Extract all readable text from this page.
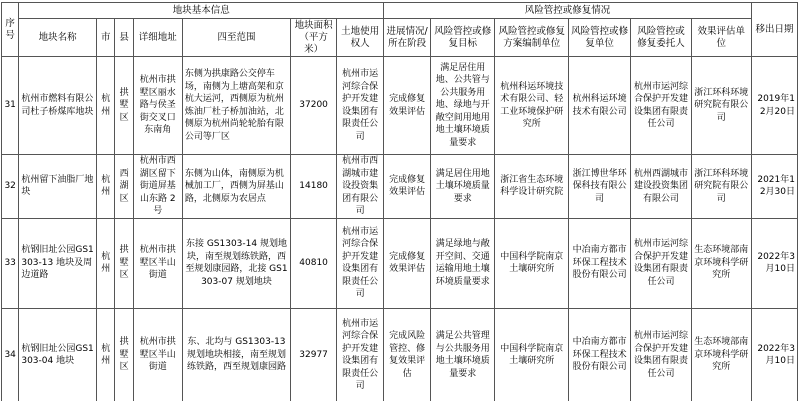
序号	地块基本信息							风险管控或修复情况						移出日期
	地块名称	市	县	详细地址	四至范围	地块面积（平方米）	土地使用权人	进展情况/所在阶段	风险管控或修复目标	风险管控或修复方案编制单位	风险管控或修复单位	风险管控或修复委托人	效果评估单位	
31	杭州市燃料有限公司杜子桥煤库地块	杭州	拱墅区	杭州市拱墅区丽水路与侯圣街交叉口东南角	东侧为拱康路公交停车场，南侧为上塘高架和京杭大运河，西侧原为杭州炼油厂杜子桥加油站，北侧原为杭州尚轮轮胎有限公司等厂区	37200	杭州市运河综合保护开发建设集团有限责任公司	完成修复效果评估	满足居住用地、公共管与公共服务用地、绿地与开敞空间用地用地土壤环境质量要求	杭州科运环境技术有限公司、轻工业环境保护研究所	杭州科运环境技术有限公司	杭州市运河综合保护开发建设集团有限责任公司	浙江环科环境研究院有限公司	2019年12月20日
32	杭州留下油脂厂地块	杭州	西湖区	杭州市西湖区留下街道屏基山东路 2 号	东侧为山体，南侧原为机械加工厂，西侧为屏基山路，北侧原为农居点	14180	杭州市西湖城市建设投资集团有限公司	完成修复效果评估	满足居住用地土壤环境质量要求	浙江省生态环境科学设计研究院	浙江博世华环保科技有限公司	杭州西湖城市建设投资集团有限公司	浙江环科环境研究院有限公司	2021年12月30日
33	杭钢旧址公园GS1303-13 地块及周边道路	杭州	拱墅区	杭州市拱墅区半山街道	东接 GS1303-14 规划地块，南至规划练铁路，西至规划康园路，北接 GS1303-07 规划地块	40810	杭州市运河综合保护开发建设集团有限责任公司	完成修复效果评估	满足绿地与敞开空间、交通运输用地土壤环境质量要求	中国科学院南京土壤研究所	中冶南方都市环保工程技术股份有限公司	杭州市运河综合保护开发建设集团有限责任公司	生态环境部南京环境科学研究所	2022年3月10日
34	杭钢旧址公园GS1303-04 地块	杭州	拱墅区	杭州市拱墅区半山街道	东、北均与 GS1303-13 规划地块相接，南至规划练铁路，西至规划康园路	32977	杭州市运河综合保护开发建设集团有限责任公司	完成风险管控、修复效果评估	满足公共管理与公共服务用地土壤环境质量要求	中国科学院南京土壤研究所	中冶南方都市环保工程技术股份有限公司	杭州市运河综合保护开发建设集团有限责任公司	生态环境部南京环境科学研究所	2022年3月10日
